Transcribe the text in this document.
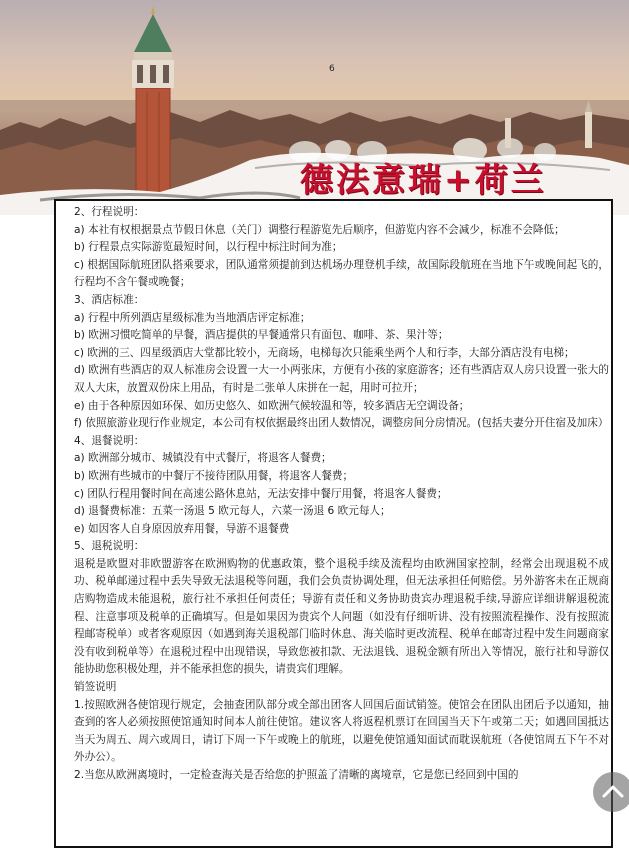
6
德法意瑞+荷兰

2、行程说明：

a) 本社有权根据景点节假日休息（关门）调整行程游览先后顺序，但游览内容不会减少，标准不会降低；

b) 行程景点实际游览最短时间，以行程中标注时间为准；

c) 根据国际航班团队搭乘要求，团队通常须提前到达机场办理登机手续，故国际段航班在当地下午或晚间起飞的，行程均不含午餐或晚餐；

3、酒店标准：

a) 行程中所列酒店星级标准为当地酒店评定标准；

b) 欧洲习惯吃简单的早餐，酒店提供的早餐通常只有面包、咖啡、茶、果汁等；

c) 欧洲的三、四星级酒店大堂都比较小，无商场，电梯每次只能乘坐两个人和行李，大部分酒店没有电梯；

d) 欧洲有些酒店的双人标准房会设置一大一小两张床，方便有小孩的家庭游客；还有些酒店双人房只设置一张大的双人大床，放置双份床上用品，有时是二张单人床拼在一起，用时可拉开；

e) 由于各种原因如环保、如历史悠久、如欧洲气候较温和等，较多酒店无空调设备；

f) 依照旅游业现行作业规定，本公司有权依据最终出团人数情况，调整房间分房情况。(包括夫妻分开住宿及加床）

4、退餐说明：

a) 欧洲部分城市、城镇没有中式餐厅，将退客人餐费；

b) 欧洲有些城市的中餐厅不接待团队用餐，将退客人餐费；

c) 团队行程用餐时间在高速公路休息站，无法安排中餐厅用餐，将退客人餐费；

d) 退餐费标准：五菜一汤退 5 欧元每人，六菜一汤退 6 欧元每人；

e) 如因客人自身原因放弃用餐，导游不退餐费

5、退税说明：

退税是欧盟对非欧盟游客在欧洲购物的优惠政策，整个退税手续及流程均由欧洲国家控制，经常会出现退税不成功、税单邮递过程中丢失导致无法退税等问题，我们会负责协调处理，但无法承担任何赔偿。另外游客未在正规商店购物造成未能退税，旅行社不承担任何责任；导游有责任和义务协助贵宾办理退税手续,导游应详细讲解退税流程、注意事项及税单的正确填写。但是如果因为贵宾个人问题（如没有仔细听讲、没有按照流程操作、没有按照流程邮寄税单）或者客观原因（如遇到海关退税部门临时休息、海关临时更改流程、税单在邮寄过程中发生问题商家没有收到税单等）在退税过程中出现错误，导致您被扣款、无法退钱、退税金额有所出入等情况，旅行社和导游仅能协助您积极处理，并不能承担您的损失，请贵宾们理解。

销签说明

1.按照欧洲各使馆现行规定，会抽查团队部分或全部出团客人回国后面试销签。使馆会在团队出团后予以通知，抽查到的客人必须按照使馆通知时间本人前往使馆。建议客人将返程机票订在回国当天下午或第二天；如遇回国抵达当天为周五、周六或周日，请订下周一下午或晚上的航班，以避免使馆通知面试而耽误航班（各使馆周五下午不对外办公）。

2.当您从欧洲离境时，一定检查海关是否给您的护照盖了清晰的离境章，它是您已经回到中国的
